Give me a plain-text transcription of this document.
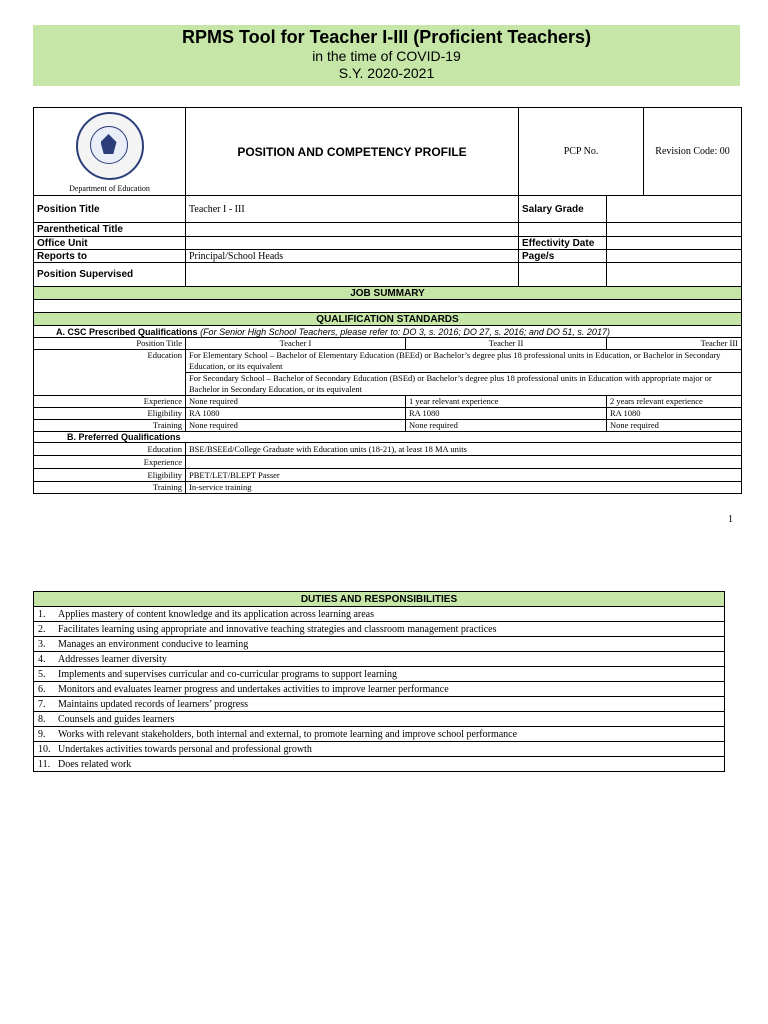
RPMS Tool for Teacher I-III (Proficient Teachers)
in the time of COVID-19
S.Y. 2020-2021
Department of Education	POSITION AND COMPETENCY PROFILE		PCP No.		Revision Code: 00
Position Title	Teacher I - III		Salary Grade		
Parenthetical Title					
Office Unit			Effectivity Date		
Reports to	Principal/School Heads		Page/s		
Position Supervised					
JOB SUMMARY					

QUALIFICATION STANDARDS					
A. CSC Prescribed Qualifications (For Senior High School Teachers, please refer to: DO 3, s. 2016; DO 27, s. 2016; and DO 51, s. 2017)					
Position Title	Teacher I	Teacher II		Teacher III	
Education	For Elementary School – Bachelor of Elementary Education (BEEd) or Bachelor’s degree plus 18 professional units in Education, or Bachelor in Secondary Education, or its equivalent				
	For Secondary School – Bachelor of Secondary Education (BSEd) or Bachelor’s degree plus 18 professional units in Education with appropriate major or Bachelor in Secondary Education, or its equivalent				
Experience	None required	1 year relevant experience		2 years relevant experience	
Eligibility	RA 1080	RA 1080		RA 1080	
Training	None required	None required		None required	
B. Preferred Qualifications					
Education	BSE/BSEEd/College Graduate with Education units (18-21), at least 18 MA units				
Experience					
Eligibility	PBET/LET/BLEPT Passer				
Training	In-service training				
1
DUTIES AND RESPONSIBILITIES
1. Applies mastery of content knowledge and its application across learning areas
2. Facilitates learning using appropriate and innovative teaching strategies and classroom management practices
3. Manages an environment conducive to learning
4. Addresses learner diversity
5. Implements and supervises curricular and co-curricular programs to support learning
6. Monitors and evaluates learner progress and undertakes activities to improve learner performance
7. Maintains updated records of learners’ progress
8. Counsels and guides learners
9. Works with relevant stakeholders, both internal and external, to promote learning and improve school performance
10. Undertakes activities towards personal and professional growth
11. Does related work
